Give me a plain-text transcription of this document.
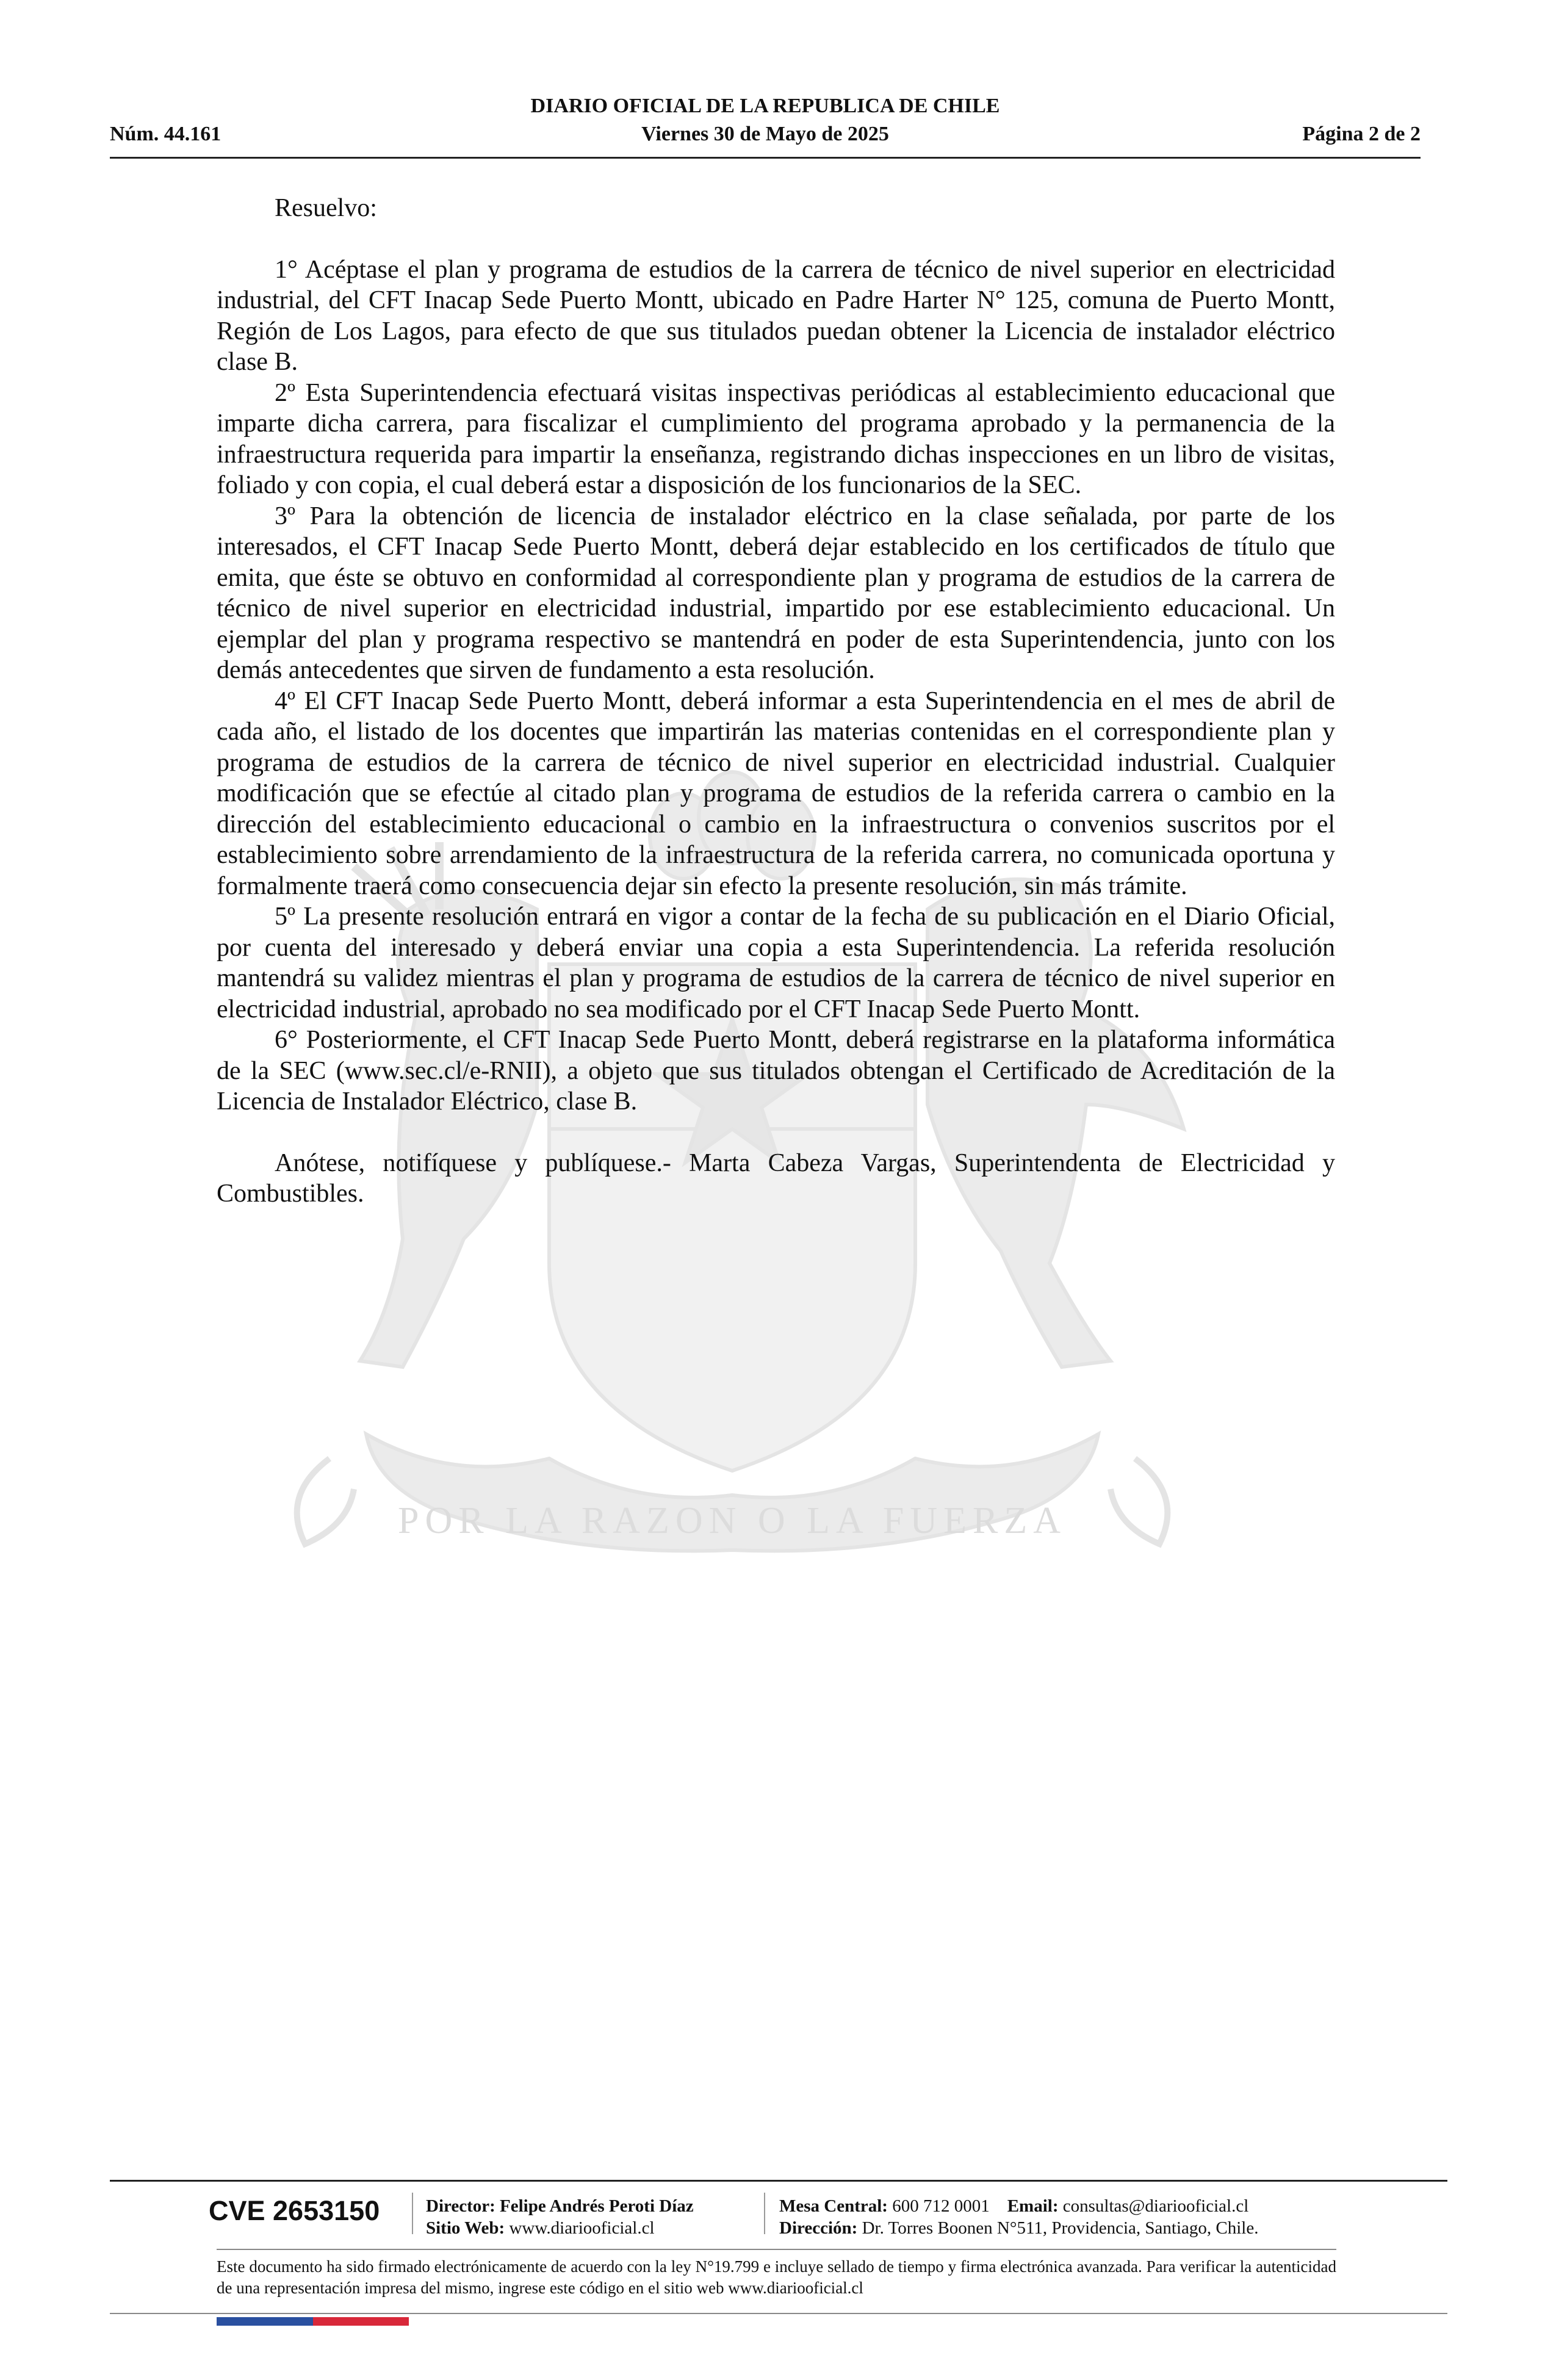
POR LA RAZON O LA FUERZA
DIARIO OFICIAL DE LA REPUBLICA DE CHILE
Núm. 44.161	Viernes 30 de Mayo de 2025	Página 2 de 2

Resuelvo:

1° Acéptase el plan y programa de estudios de la carrera de técnico de nivel superior en electricidad industrial, del CFT Inacap Sede Puerto Montt, ubicado en Padre Harter N° 125, comuna de Puerto Montt, Región de Los Lagos, para efecto de que sus titulados puedan obtener la Licencia de instalador eléctrico clase B.

2º Esta Superintendencia efectuará visitas inspectivas periódicas al establecimiento educacional que imparte dicha carrera, para fiscalizar el cumplimiento del programa aprobado y la permanencia de la infraestructura requerida para impartir la enseñanza, registrando dichas inspecciones en un libro de visitas, foliado y con copia, el cual deberá estar a disposición de los funcionarios de la SEC.

3º Para la obtención de licencia de instalador eléctrico en la clase señalada, por parte de los interesados, el CFT Inacap Sede Puerto Montt, deberá dejar establecido en los certificados de título que emita, que éste se obtuvo en conformidad al correspondiente plan y programa de estudios de la carrera de técnico de nivel superior en electricidad industrial, impartido por ese establecimiento educacional. Un ejemplar del plan y programa respectivo se mantendrá en poder de esta Superintendencia, junto con los demás antecedentes que sirven de fundamento a esta resolución.

4º El CFT Inacap Sede Puerto Montt, deberá informar a esta Superintendencia en el mes de abril de cada año, el listado de los docentes que impartirán las materias contenidas en el correspondiente plan y programa de estudios de la carrera de técnico de nivel superior en electricidad industrial. Cualquier modificación que se efectúe al citado plan y programa de estudios de la referida carrera o cambio en la dirección del establecimiento educacional o cambio en la infraestructura o convenios suscritos por el establecimiento sobre arrendamiento de la infraestructura de la referida carrera, no comunicada oportuna y formalmente traerá como consecuencia dejar sin efecto la presente resolución, sin más trámite.

5º La presente resolución entrará en vigor a contar de la fecha de su publicación en el Diario Oficial, por cuenta del interesado y deberá enviar una copia a esta Superintendencia. La referida resolución mantendrá su validez mientras el plan y programa de estudios de la carrera de técnico de nivel superior en electricidad industrial, aprobado no sea modificado por el CFT Inacap Sede Puerto Montt.

6° Posteriormente, el CFT Inacap Sede Puerto Montt, deberá registrarse en la plataforma informática de la SEC (www.sec.cl/e-RNII), a objeto que sus titulados obtengan el Certificado de Acreditación de la Licencia de Instalador Eléctrico, clase B.

Anótese, notifíquese y publíquese.- Marta Cabeza Vargas, Superintendenta de Electricidad y Combustibles.

CVE 2653150	Director: Felipe Andrés Peroti Díaz
Sitio Web: www.diariooficial.cl
Mesa Central: 600 712 0001 Email: consultas@diariooficial.cl
Dirección: Dr. Torres Boonen N°511, Providencia, Santiago, Chile.
Este documento ha sido firmado electrónicamente de acuerdo con la ley N°19.799 e incluye sellado de tiempo y firma electrónica avanzada. Para verificar la autenticidad de una representación impresa del mismo, ingrese este código en el sitio web www.diariooficial.cl
